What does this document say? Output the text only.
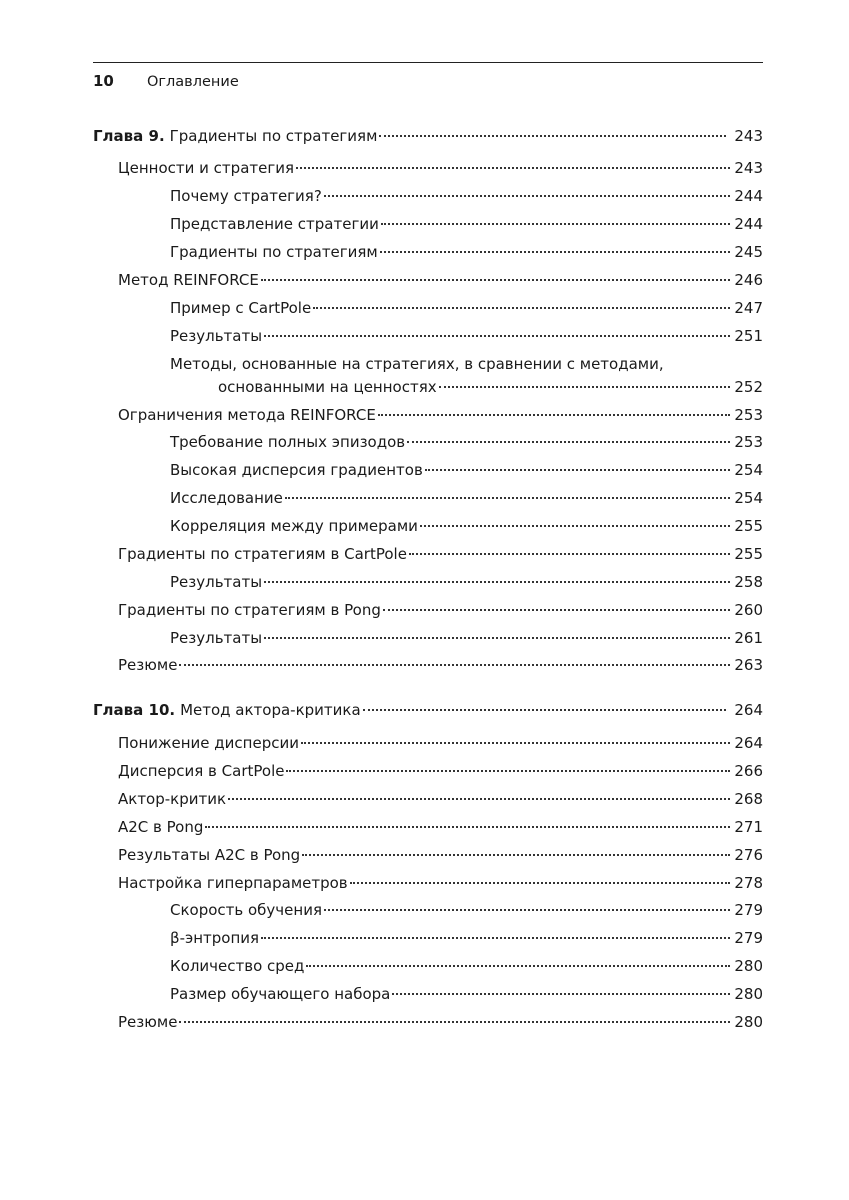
10	Оглавление
Глава 9. Градиенты по стратегиям	243
Ценности и стратегия	243
Почему стратегия?	244
Представление стратегии	244
Градиенты по стратегиям	245
Метод REINFORCE	246
Пример с CartPole	247
Результаты	251
Методы, основанные на стратегиях, в сравнении с методами,
основанными на ценностях	252
Ограничения метода REINFORCE	253
Требование полных эпизодов	253
Высокая дисперсия градиентов	254
Исследование	254
Корреляция между примерами	255
Градиенты по стратегиям в CartPole	255
Результаты	258
Градиенты по стратегиям в Pong	260
Результаты	261
Резюме	263
Глава 10. Метод актора-критика	264
Понижение дисперсии	264
Дисперсия в CartPole	266
Актор-критик	268
A2C в Pong	271
Результаты A2C в Pong	276
Настройка гиперпараметров	278
Скорость обучения	279
β-энтропия	279
Количество сред	280
Размер обучающего набора	280
Резюме	280
